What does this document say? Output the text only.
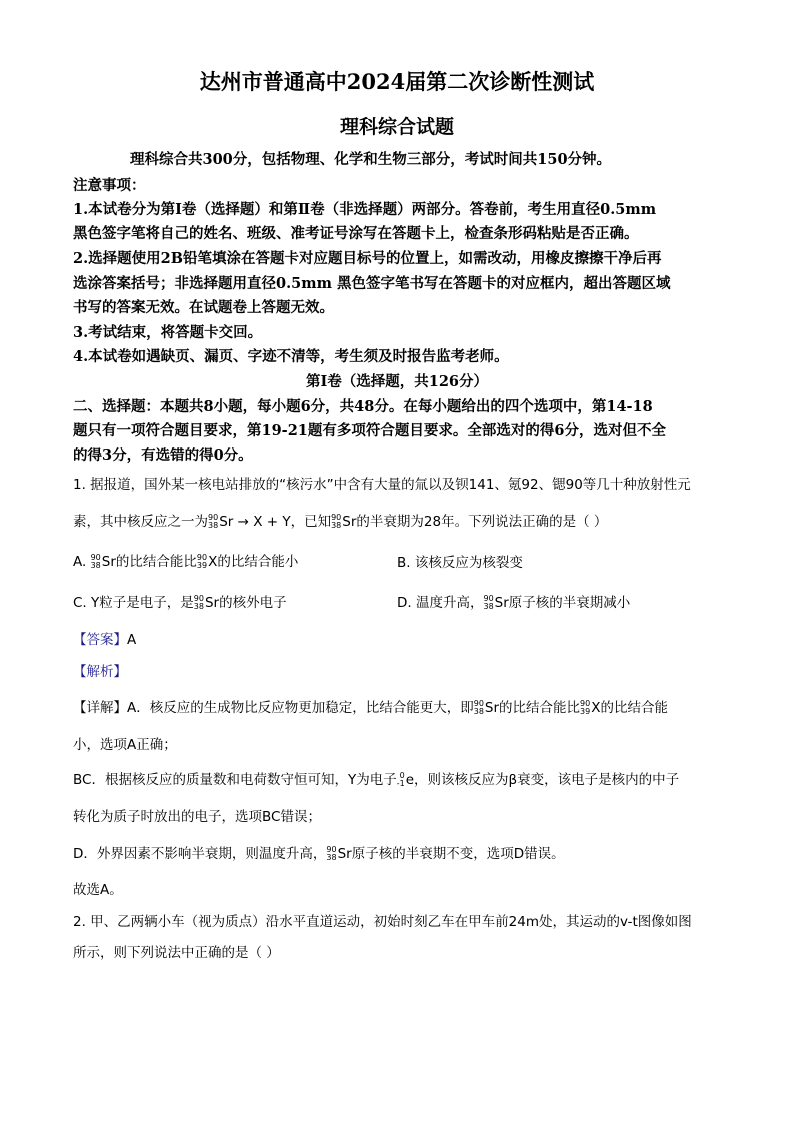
达州市普通高中2024届第二次诊断性测试
理科综合试题
理科综合共300分，包括物理、化学和生物三部分，考试时间共150分钟。
注意事项：
1.本试卷分为第Ⅰ卷（选择题）和第Ⅱ卷（非选择题）两部分。答卷前，考生用直径0.5mm
黑色签字笔将自己的姓名、班级、准考证号涂写在答题卡上，检查条形码粘贴是否正确。
2.选择题使用2B铅笔填涂在答题卡对应题目标号的位置上，如需改动，用橡皮擦擦干净后再
选涂答案括号；非选择题用直径0.5mm 黑色签字笔书写在答题卡的对应框内，超出答题区域
书写的答案无效。在试题卷上答题无效。
3.考试结束，将答题卡交回。
4.本试卷如遇缺页、漏页、字迹不清等，考生须及时报告监考老师。
第Ⅰ卷（选择题，共126分）
二、选择题：本题共8小题，每小题6分，共48分。在每小题给出的四个选项中，第14-18
题只有一项符合题目要求，第19-21题有多项符合题目要求。全部选对的得6分，选对但不全
的得3分，有选错的得0分。
1. 据报道，国外某一核电站排放的“核污水”中含有大量的氚以及钡141、氪92、锶90等几十种放射性元
素，其中核反应之一为 90
38 Sr → X + Y，已知 90
38 Sr的半衰期为28年。下列说法正确的是（ ）
A. 90
38 Sr的比结合能比 90
39 X的比结合能小	B. 该核反应为核裂变
C. Y粒子是电子，是 90
38 Sr的核外电子	D. 温度升高， 90
38 Sr原子核的半衰期减小
【答案】A
【解析】
【详解】A．核反应的生成物比反应物更加稳定，比结合能更大，即 90
38 Sr的比结合能比 90
39 X的比结合能
小，选项A正确；
BC．根据核反应的质量数和电荷数守恒可知，Y为电子 0
-1 e，则该核反应为β衰变，该电子是核内的中子
转化为质子时放出的电子，选项BC错误；
D．外界因素不影响半衰期，则温度升高， 90
38 Sr原子核的半衰期不变，选项D错误。
故选A。
2. 甲、乙两辆小车（视为质点）沿水平直道运动，初始时刻乙车在甲车前24m处，其运动的v-t图像如图
所示，则下列说法中正确的是（ ）
